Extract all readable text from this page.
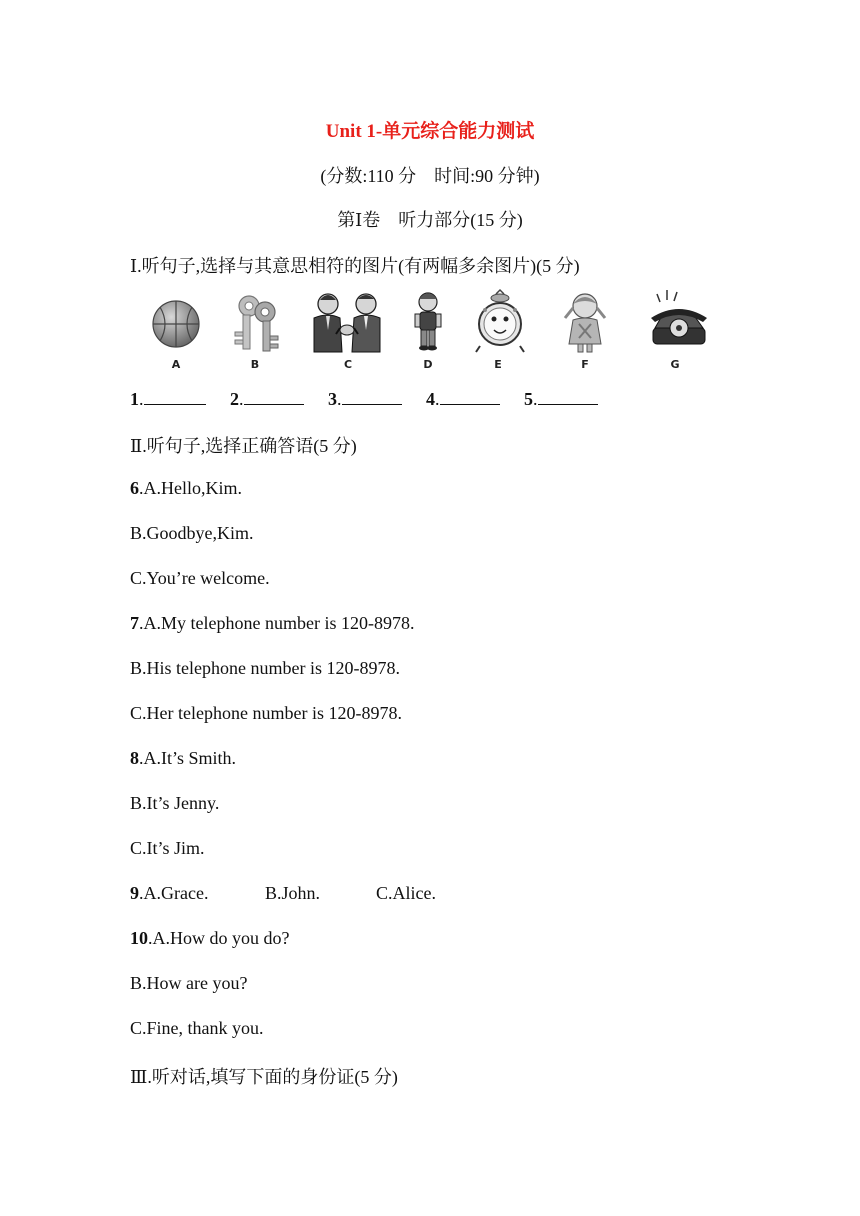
Unit 1-单元综合能力测试
(分数:110 分　时间:90 分钟)
第Ⅰ卷　听力部分(15 分)
Ⅰ.听句子,选择与其意思相符的图片(有两幅多余图片)(5 分)
A	B	C	D	E	F	G
1.	2.	3.	4.	5.
Ⅱ.听句子,选择正确答语(5 分)
6.A.Hello,Kim.
B.Goodbye,Kim.
C.You’re welcome.
7.A.My telephone number is 120-8978.
B.His telephone number is 120-8978.
C.Her telephone number is 120-8978.
8.A.It’s Smith.
B.It’s Jenny.
C.It’s Jim.
9.A.Grace.	B.John.	C.Alice.
10.A.How do you do?
B.How are you?
C.Fine, thank you.
Ⅲ.听对话,填写下面的身份证(5 分)
